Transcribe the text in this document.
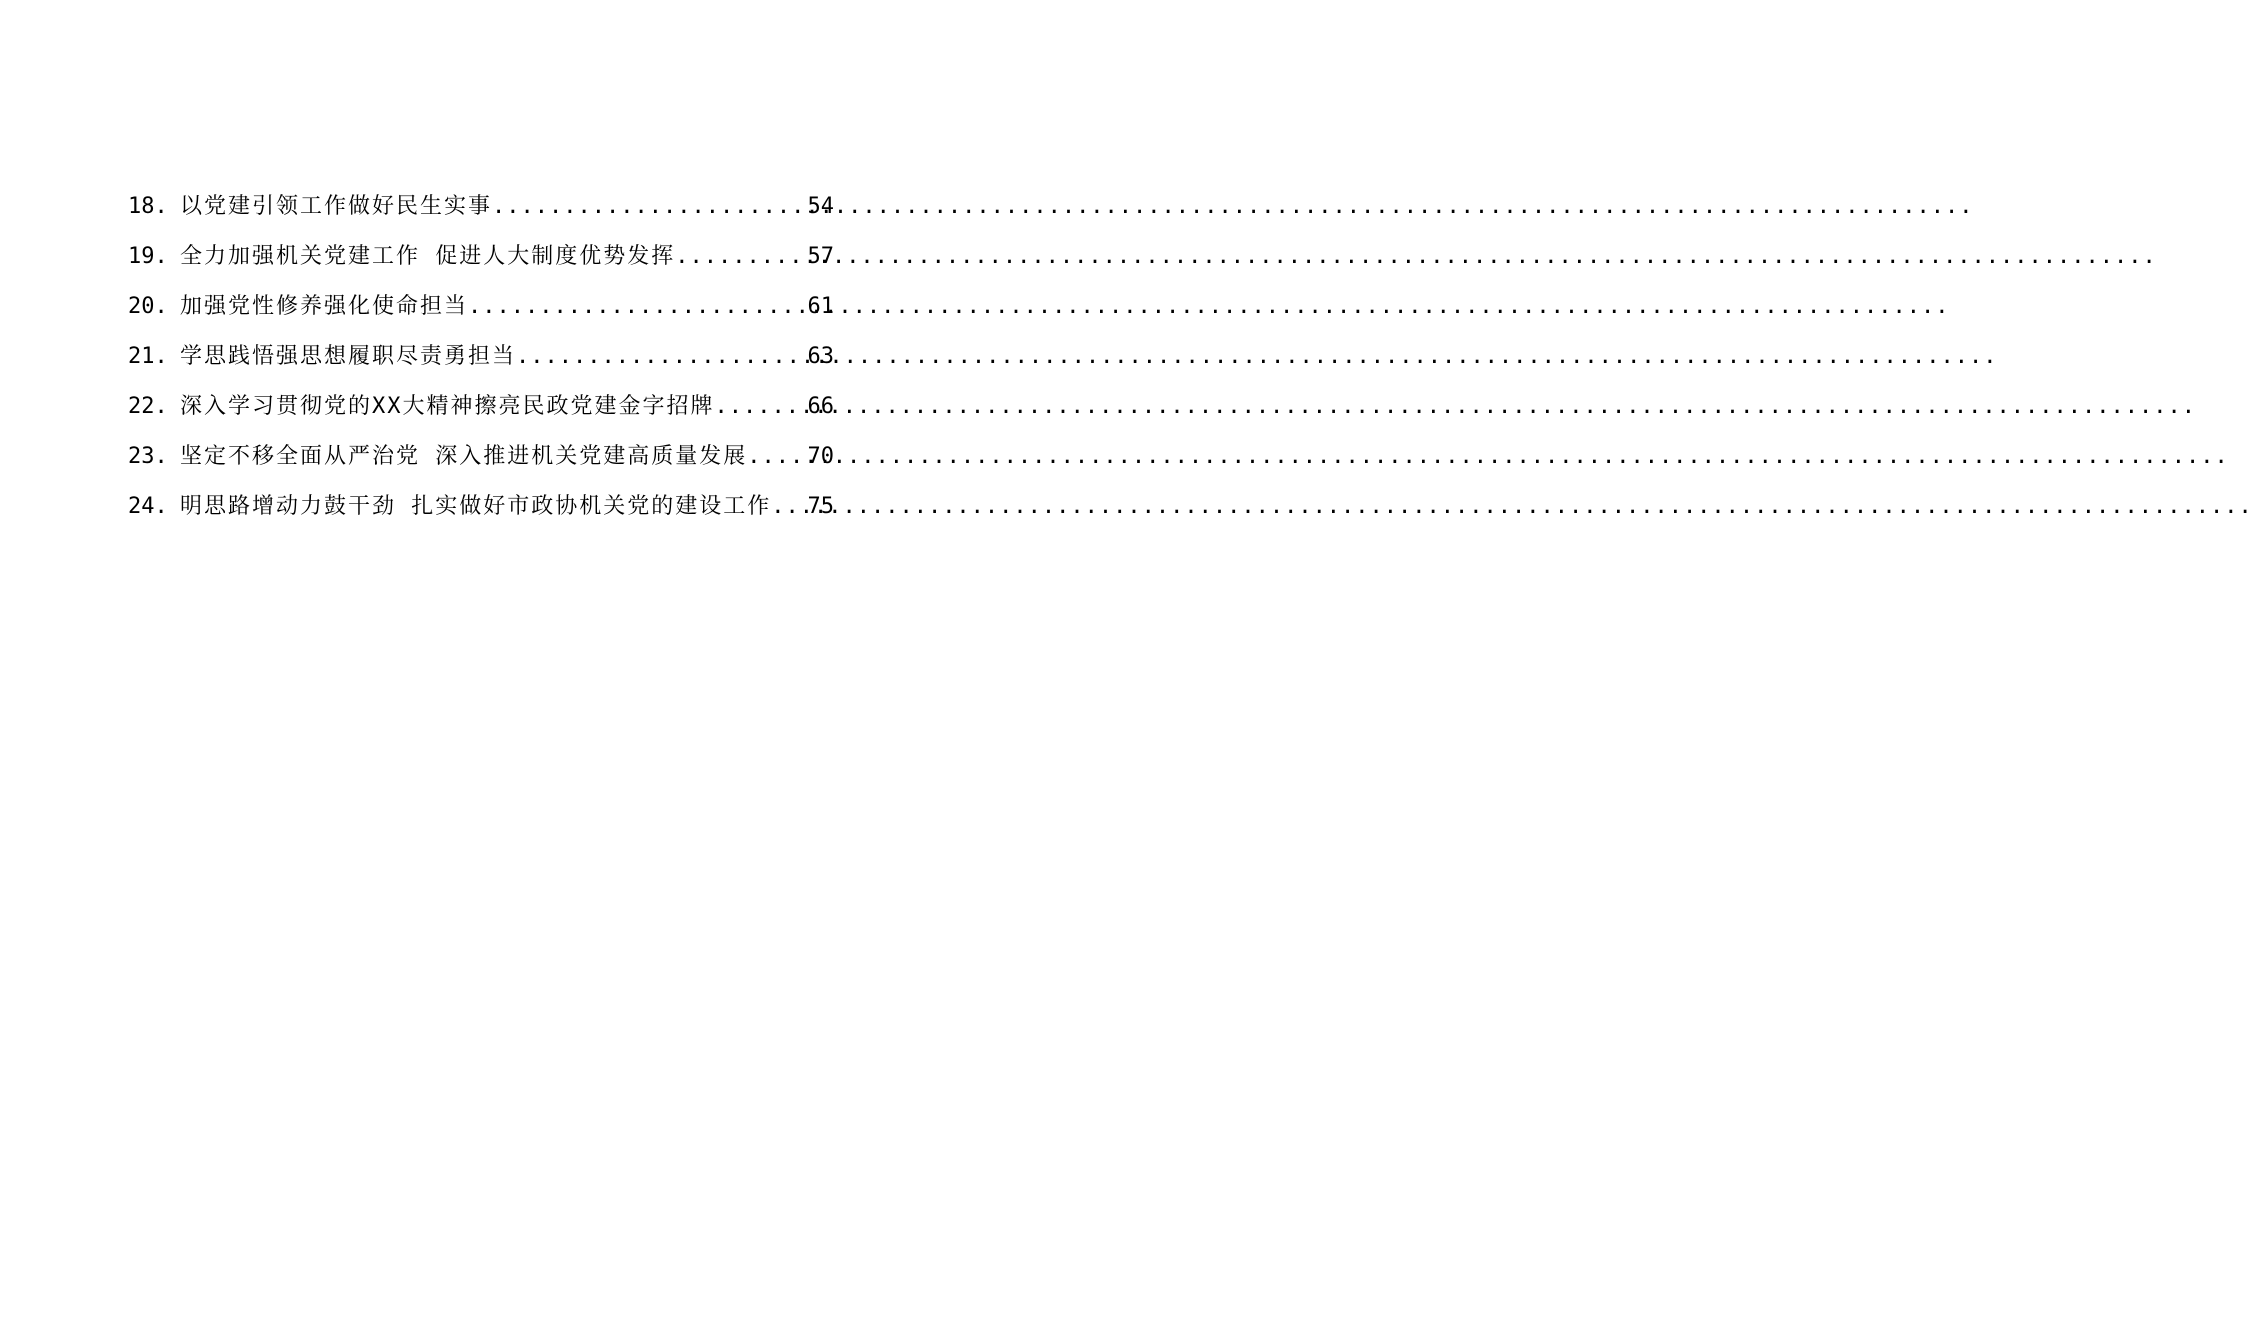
18. 以党建引领工作做好民生实事 .....	54
19. 全力加强机关党建工作 促进人大制度优势发挥 .....	57
20. 加强党性修养强化使命担当 .....	61
21. 学思践悟强思想履职尽责勇担当 .....	63
22. 深入学习贯彻党的XX大精神擦亮民政党建金字招牌 .....	66
23. 坚定不移全面从严治党 深入推进机关党建高质量发展 .....	70
24. 明思路增动力鼓干劲 扎实做好市政协机关党的建设工作 ..... 75
